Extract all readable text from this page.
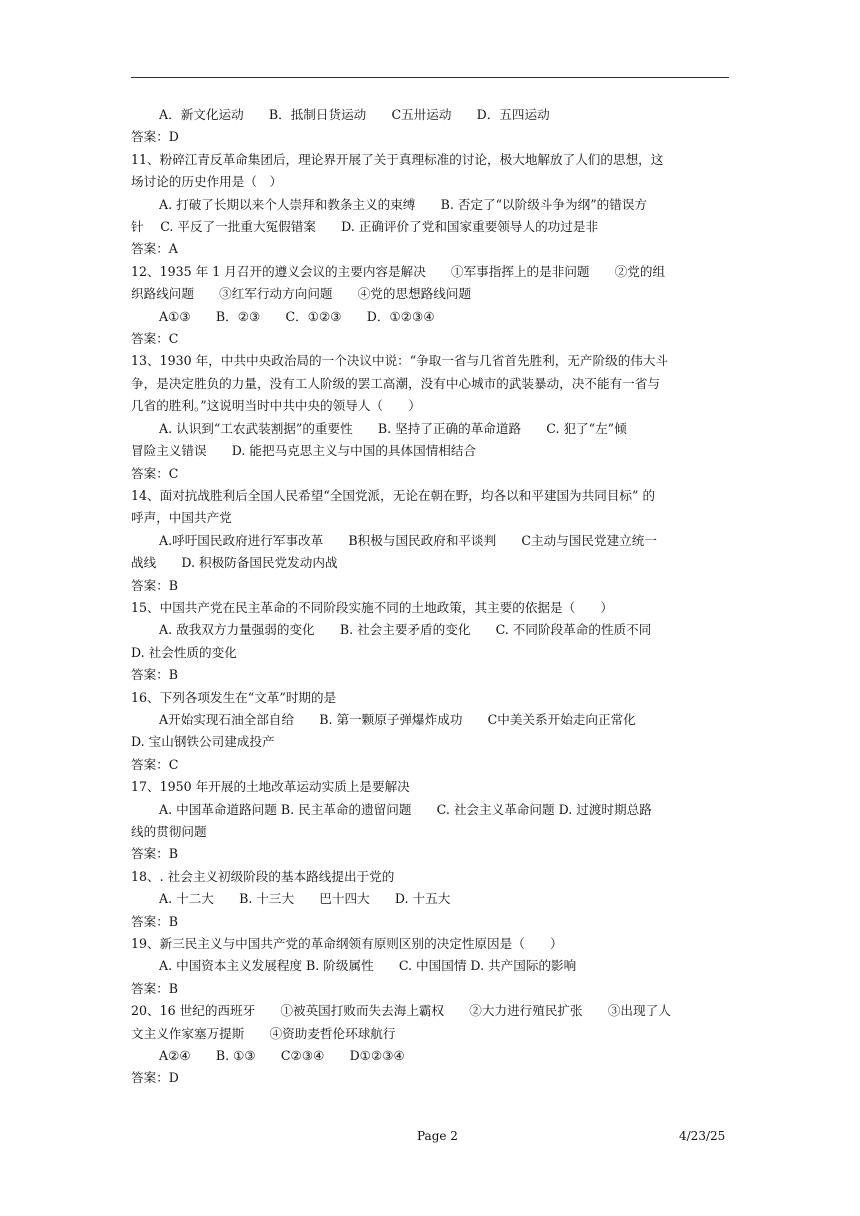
A．新文化运动　　B．抵制日货运动　　C五卅运动　　D．五四运动
答案：D
11、粉碎江青反革命集团后，理论界开展了关于真理标准的讨论，极大地解放了人们的思想，这
场讨论的历史作用是（　）
A. 打破了长期以来个人崇拜和教条主义的束缚　　B. 否定了“以阶级斗争为纲”的错误方
针　 C. 平反了一批重大冤假错案　　D. 正确评价了党和国家重要领导人的功过是非
答案：A
12、1935 年 1 月召开的遵义会议的主要内容是解决　　①军事指挥上的是非问题　　②党的组
织路线问题　　③红军行动方向问题　　④党的思想路线问题
A①③　　B．②③　　C．①②③　　D．①②③④
答案：C
13、1930 年，中共中央政治局的一个决议中说：“争取一省与几省首先胜利，无产阶级的伟大斗
争，是决定胜负的力量，没有工人阶级的罢工高潮，没有中心城市的武装暴动，决不能有一省与
几省的胜利。”这说明当时中共中央的领导人（　　）
A. 认识到“工农武装割据”的重要性　　B. 坚持了正确的革命道路　　C. 犯了“左”倾
冒险主义错误　　D. 能把马克思主义与中国的具体国情相结合
答案：C
14、面对抗战胜利后全国人民希望“全国党派，无论在朝在野，均各以和平建国为共同目标” 的
呼声，中国共产党
A.呼吁国民政府进行军事改革　　B积极与国民政府和平谈判　　C主动与国民党建立统一
战线　　D. 积极防备国民党发动内战
答案：B
15、中国共产党在民主革命的不同阶段实施不同的土地政策，其主要的依据是（　　）
A. 敌我双方力量强弱的变化　　B. 社会主要矛盾的变化　　C. 不同阶段革命的性质不同
D. 社会性质的变化
答案：B
16、下列各项发生在“文革”时期的是
A开始实现石油全部自给　　B. 第一颗原子弹爆炸成功　　C中美关系开始走向正常化
D. 宝山钢铁公司建成投产
答案：C
17、1950 年开展的土地改革运动实质上是要解决
A. 中国革命道路问题 B. 民主革命的遗留问题　　C. 社会主义革命问题 D. 过渡时期总路
线的贯彻问题
答案：B
18、. 社会主义初级阶段的基本路线提出于党的
A. 十二大　　B. 十三大　　巴十四大　　D. 十五大
答案：B
19、新三民主义与中国共产党的革命纲领有原则区别的决定性原因是（　　）
A. 中国资本主义发展程度 B. 阶级属性　　C. 中国国情 D. 共产国际的影响
答案：B
20、16 世纪的西班牙　　①被英国打败而失去海上霸权　　②大力进行殖民扩张　　③出现了人
文主义作家塞万提斯　　④资助麦哲伦环球航行
A②④　　B. ①③　　C②③④　　D①②③④
答案：D
Page 2	4/23/25
